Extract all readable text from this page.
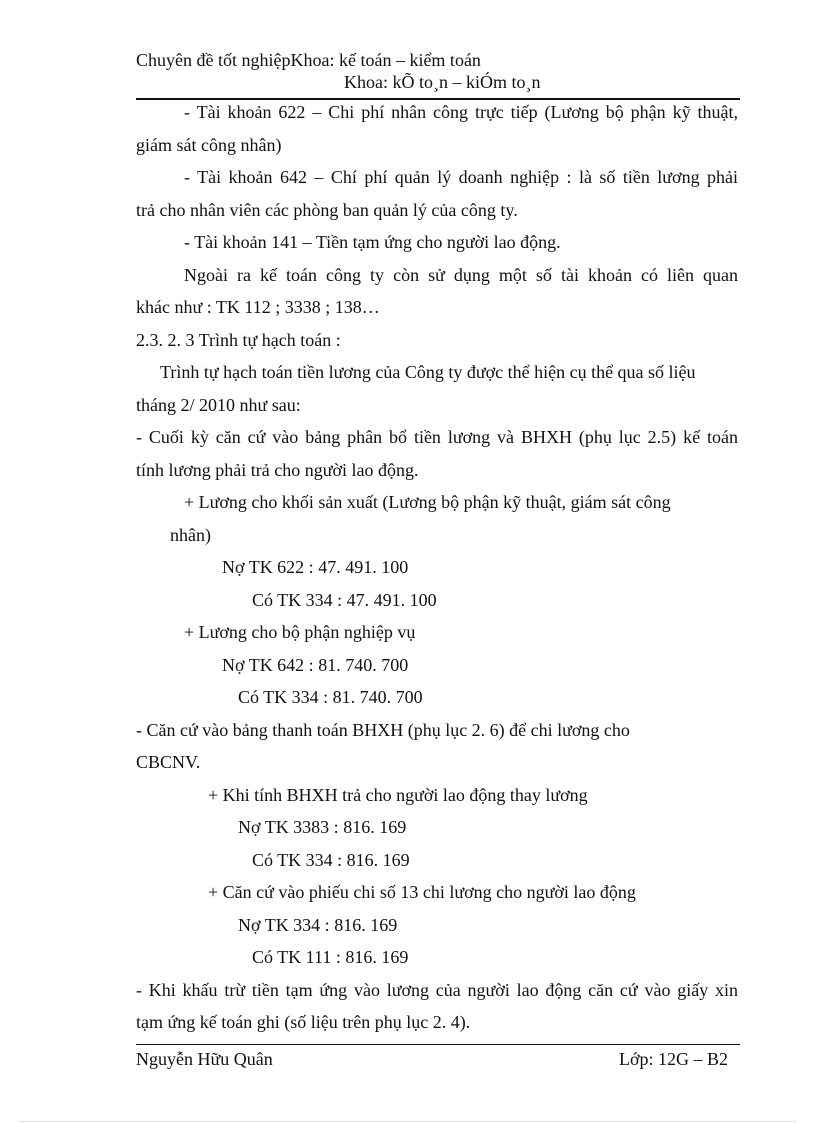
Chuyên đề tốt nghiệpKhoa: kế toán – kiểm toán
Khoa: kÕ to¸n – kiÓm to¸n
- Tài khoản 622 – Chi phí nhân công trực tiếp (Lương bộ phận kỹ thuật,
giám sát công nhân)
- Tài khoản 642 – Chí phí quản lý doanh nghiệp : là số tiền lương phải
trả cho nhân viên các phòng ban quản lý của công ty.
- Tài khoản 141 – Tiền tạm ứng cho người lao động.
Ngoài ra kế toán công ty còn sử dụng một số tài khoản có liên quan
khác như : TK 112 ; 3338 ; 138…
2.3. 2. 3 Trình tự hạch toán :
Trình tự hạch toán tiền lương của Công ty được thể hiện cụ thể qua số liệu
tháng 2/ 2010 như sau:
- Cuối kỳ căn cứ vào bảng phân bổ tiền lương và BHXH (phụ lục 2.5) kế toán
tính lương phải trả cho người lao động.
+ Lương cho khối sản xuất (Lương bộ phận kỹ thuật, giám sát công
nhân)
Nợ TK 622 : 47. 491. 100
Có TK 334 : 47. 491. 100
+ Lương cho bộ phận nghiệp vụ
Nợ TK 642 : 81. 740. 700
Có TK 334 : 81. 740. 700
- Căn cứ vào bảng thanh toán BHXH (phụ lục 2. 6) để chi lương cho
CBCNV.
+ Khi tính BHXH trả cho người lao động thay lương
Nợ TK 3383 : 816. 169
Có TK 334 : 816. 169
+ Căn cứ vào phiếu chi số 13 chi lương cho người lao động
Nợ TK 334 : 816. 169
Có TK 111 : 816. 169
- Khi khấu trừ tiền tạm ứng vào lương của người lao động căn cứ vào giấy xin
tạm ứng kế toán ghi (số liệu trên phụ lục 2. 4).
Nguyễn Hữu Quân	Lớp: 12G – B2
